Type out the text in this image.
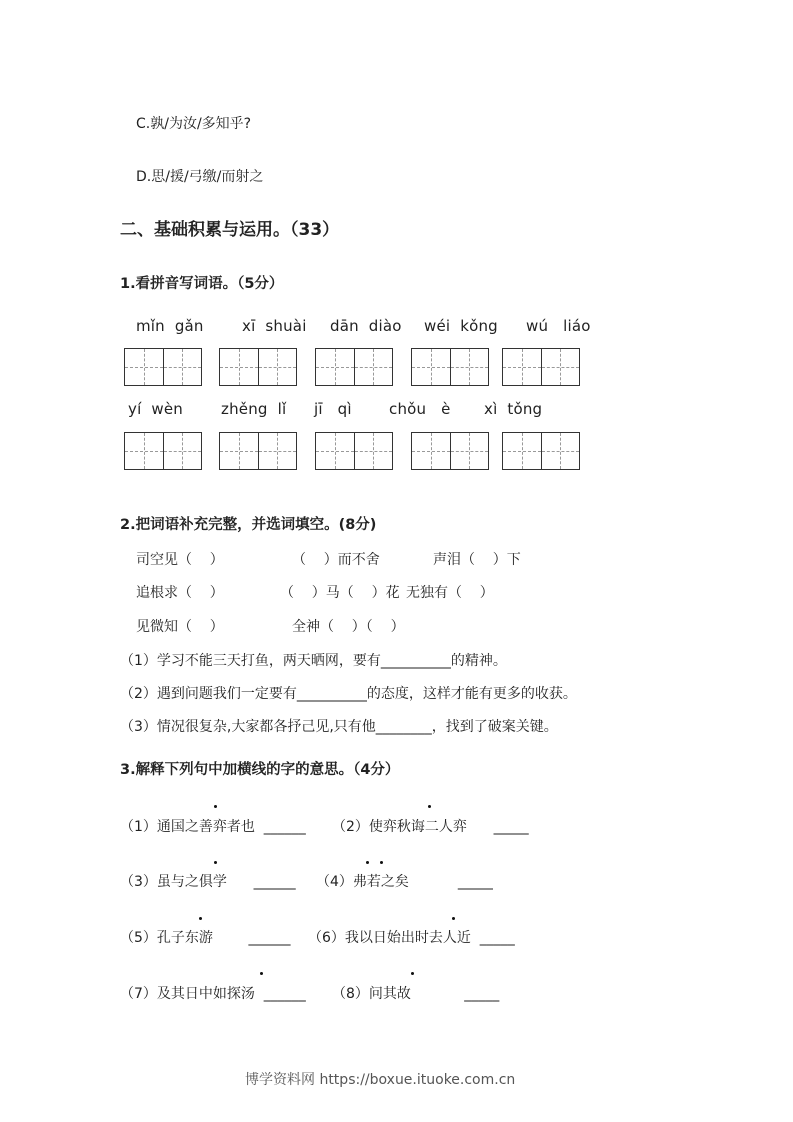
C.孰/为汝/多知乎?
D.思/援/弓缴/而射之
二、基础积累与运用。（33）
1.看拼音写词语。（5分）
mǐn  gǎn	xī  shuài dān  diào wéi  kǒng wú   liáo
yí  wèn	zhěng  lǐ jī   qì chǒu   è xì  tǒng
2.把词语补充完整，并选词填空。(8分)
司空见（    ）	（    ）而不舍	声泪（    ）下
追根求（    ）	（    ）马（    ）花 无独有（    ）
见微知（    ）	全神（    ）（    ）
（1）学习不能三天打鱼，两天晒网，要有__________的精神。
（2）遇到问题我们一定要有__________的态度，这样才能有更多的收获。
（3）情况很复杂,大家都各抒己见,只有他________，找到了破案关键。
3.解释下列句中加横线的字的意思。（4分）
（1）通国之善弈者也  ______ （2）使弈秋诲二人弈      _____
（3）虽与之俱学      ______ （4）弗若之矣           _____
（5）孔子东游        ______ （6）我以日始出时去人近  _____
（7）及其日中如探汤  ______ （8）问其故            _____
博学资料网 https://boxue.ituoke.com.cn
